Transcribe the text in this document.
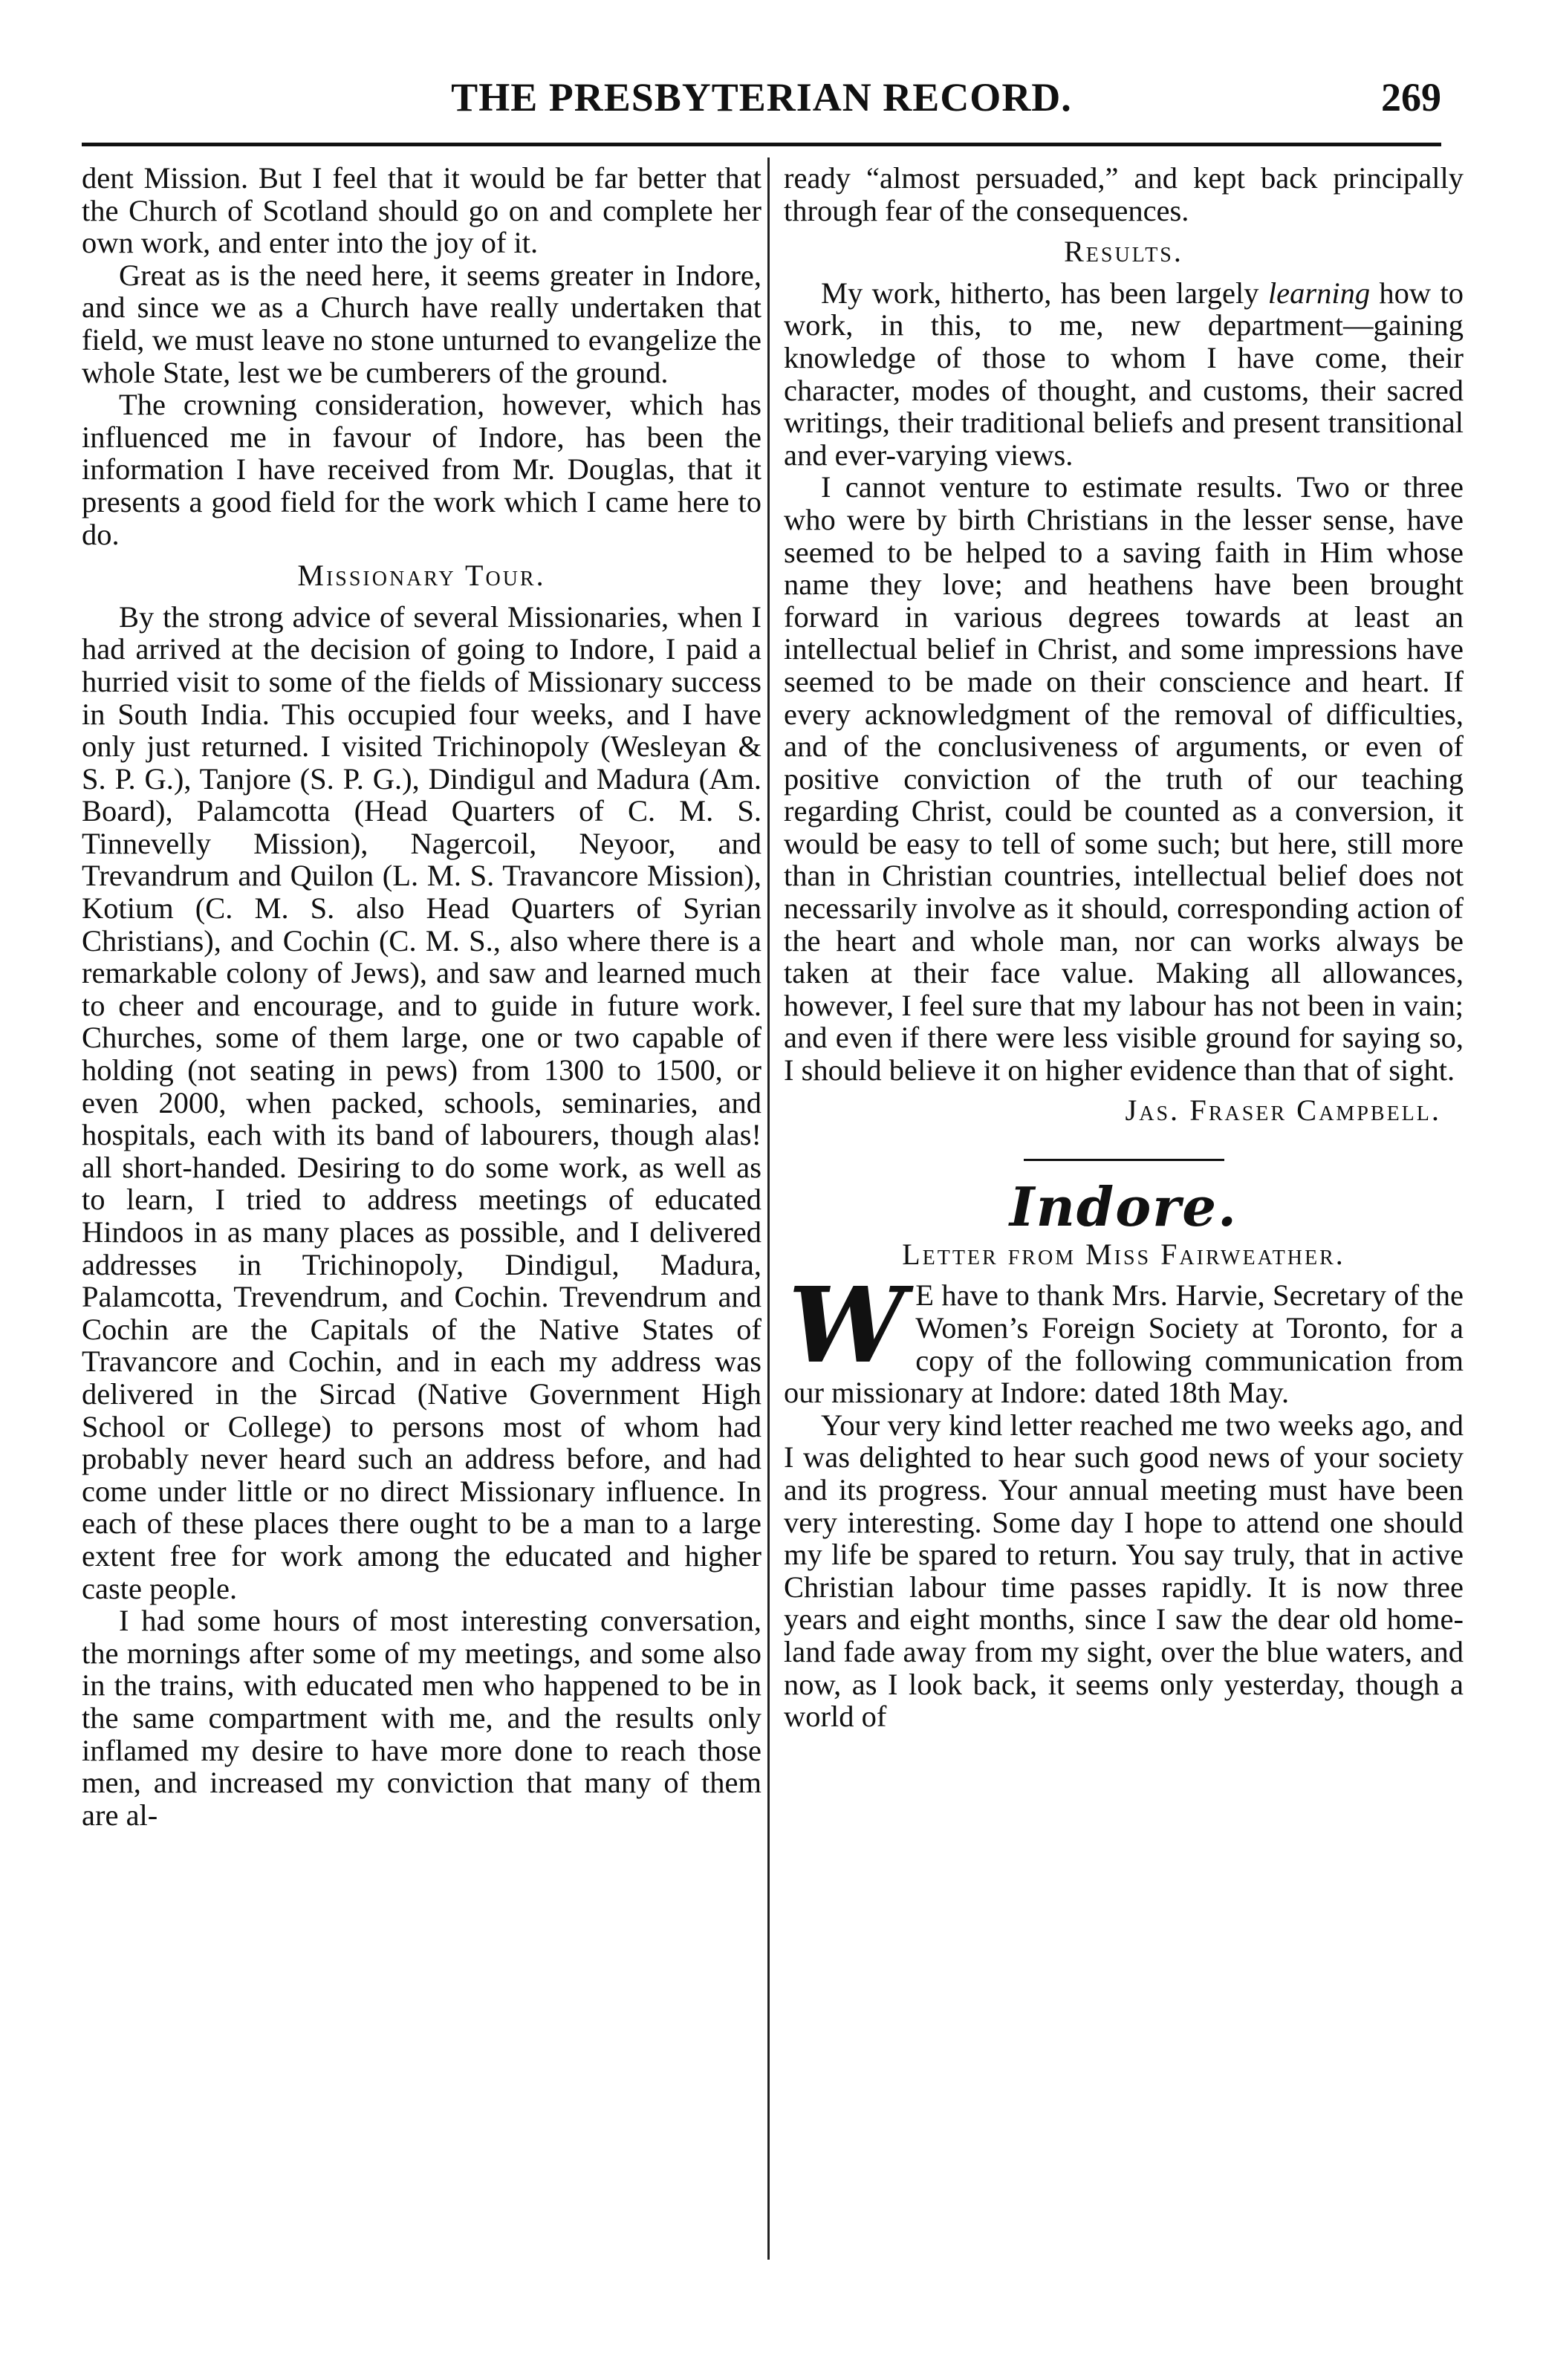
THE PRESBYTERIAN RECORD.	269

dent Mission. But I feel that it would be far better that the Church of Scotland should go on and complete her own work, and enter into the joy of it.

Great as is the need here, it seems greater in Indore, and since we as a Church have really undertaken that field, we must leave no stone unturned to evangelize the whole State, lest we be cumberers of the ground.

The crowning consideration, however, which has influenced me in favour of Indore, has been the information I have received from Mr. Douglas, that it presents a good field for the work which I came here to do.

Missionary Tour.

By the strong advice of several Missionaries, when I had arrived at the decision of going to Indore, I paid a hurried visit to some of the fields of Missionary success in South India. This occupied four weeks, and I have only just returned. I visited Trichinopoly (Wesleyan & S. P. G.), Tanjore (S. P. G.), Dindigul and Madura (Am. Board), Palamcotta (Head Quarters of C. M. S. Tinnevelly Mission), Nagercoil, Neyoor, and Trevandrum and Quilon (L. M. S. Travancore Mission), Kotium (C. M. S. also Head Quarters of Syrian Christians), and Cochin (C. M. S., also where there is a remarkable colony of Jews), and saw and learned much to cheer and encourage, and to guide in future work. Churches, some of them large, one or two capable of holding (not seating in pews) from 1300 to 1500, or even 2000, when packed, schools, seminaries, and hospitals, each with its band of labourers, though alas! all short-handed. Desiring to do some work, as well as to learn, I tried to address meetings of educated Hindoos in as many places as possible, and I delivered addresses in Trichinopoly, Dindigul, Madura, Palamcotta, Trevendrum, and Cochin. Trevendrum and Cochin are the Capitals of the Native States of Travancore and Cochin, and in each my address was delivered in the Sircad (Native Government High School or College) to persons most of whom had probably never heard such an address before, and had come under little or no direct Missionary influence. In each of these places there ought to be a man to a large extent free for work among the educated and higher caste people.

I had some hours of most interesting conversation, the mornings after some of my meetings, and some also in the trains, with educated men who happened to be in the same compartment with me, and the results only inflamed my desire to have more done to reach those men, and increased my conviction that many of them are al-

ready “almost persuaded,” and kept back principally through fear of the consequences.

Results.

My work, hitherto, has been largely learning how to work, in this, to me, new department—gaining knowledge of those to whom I have come, their character, modes of thought, and customs, their sacred writings, their traditional beliefs and present transitional and ever-varying views.

I cannot venture to estimate results. Two or three who were by birth Christians in the lesser sense, have seemed to be helped to a saving faith in Him whose name they love; and heathens have been brought forward in various degrees towards at least an intellectual belief in Christ, and some impressions have seemed to be made on their conscience and heart. If every acknowledgment of the removal of difficulties, and of the conclusiveness of arguments, or even of positive conviction of the truth of our teaching regarding Christ, could be counted as a conversion, it would be easy to tell of some such; but here, still more than in Christian countries, intellectual belief does not necessarily involve as it should, corresponding action of the heart and whole man, nor can works always be taken at their face value. Making all allowances, however, I feel sure that my labour has not been in vain; and even if there were less visible ground for saying so, I should believe it on higher evidence than that of sight.

Jas. Fraser Campbell.
Indore.
Letter from Miss Fairweather.

W E have to thank Mrs. Harvie, Secretary of the Women’s Foreign Society at Toronto, for a copy of the following communication from our missionary at Indore: dated 18th May.

Your very kind letter reached me two weeks ago, and I was delighted to hear such good news of your society and its progress. Your annual meeting must have been very interesting. Some day I hope to attend one should my life be spared to return. You say truly, that in active Christian labour time passes rapidly. It is now three years and eight months, since I saw the dear old home-land fade away from my sight, over the blue waters, and now, as I look back, it seems only yesterday, though a world of
